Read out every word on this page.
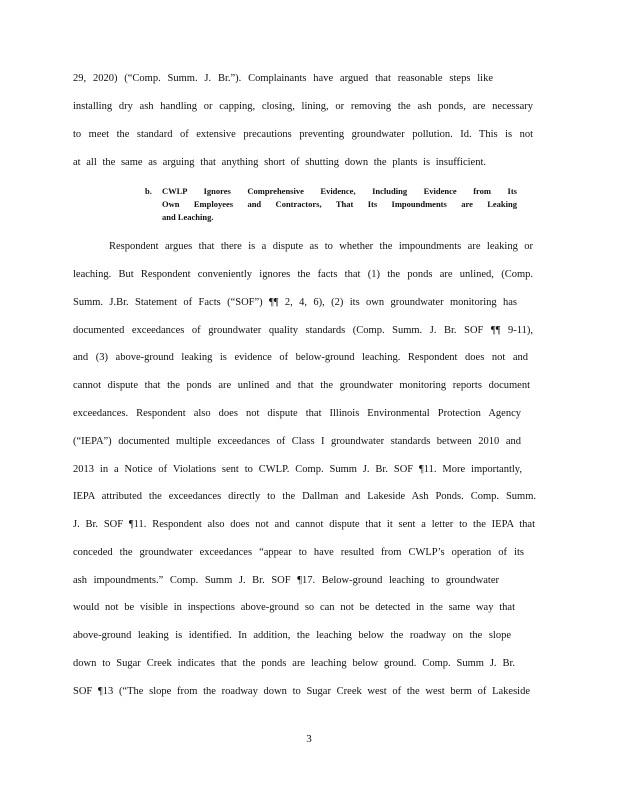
29, 2020) (“Comp. Summ. J. Br.”). Complainants have argued that reasonable steps like
installing dry ash handling or capping, closing, lining, or removing the ash ponds, are necessary
to meet the standard of extensive precautions preventing groundwater pollution. Id. This is not
at all the same as arguing that anything short of shutting down the plants is insufficient.
b. CWLP Ignores Comprehensive Evidence, Including Evidence from Its
Own Employees and Contractors, That Its Impoundments are Leaking
and Leaching.
Respondent argues that there is a dispute as to whether the impoundments are leaking or
leaching. But Respondent conveniently ignores the facts that (1) the ponds are unlined, (Comp.
Summ. J.Br. Statement of Facts (“SOF”) ¶¶ 2, 4, 6), (2) its own groundwater monitoring has
documented exceedances of groundwater quality standards (Comp. Summ. J. Br. SOF ¶¶ 9-11),
and (3) above-ground leaking is evidence of below-ground leaching. Respondent does not and
cannot dispute that the ponds are unlined and that the groundwater monitoring reports document
exceedances. Respondent also does not dispute that Illinois Environmental Protection Agency
(“IEPA”) documented multiple exceedances of Class I groundwater standards between 2010 and
2013 in a Notice of Violations sent to CWLP. Comp. Summ J. Br. SOF ¶11. More importantly,
IEPA attributed the exceedances directly to the Dallman and Lakeside Ash Ponds. Comp. Summ.
J. Br. SOF ¶11. Respondent also does not and cannot dispute that it sent a letter to the IEPA that
conceded the groundwater exceedances “appear to have resulted from CWLP’s operation of its
ash impoundments.” Comp. Summ J. Br. SOF ¶17. Below-ground leaching to groundwater
would not be visible in inspections above-ground so can not be detected in the same way that
above-ground leaking is identified. In addition, the leaching below the roadway on the slope
down to Sugar Creek indicates that the ponds are leaching below ground. Comp. Summ J. Br.
SOF ¶13 (“The slope from the roadway down to Sugar Creek west of the west berm of Lakeside
3
